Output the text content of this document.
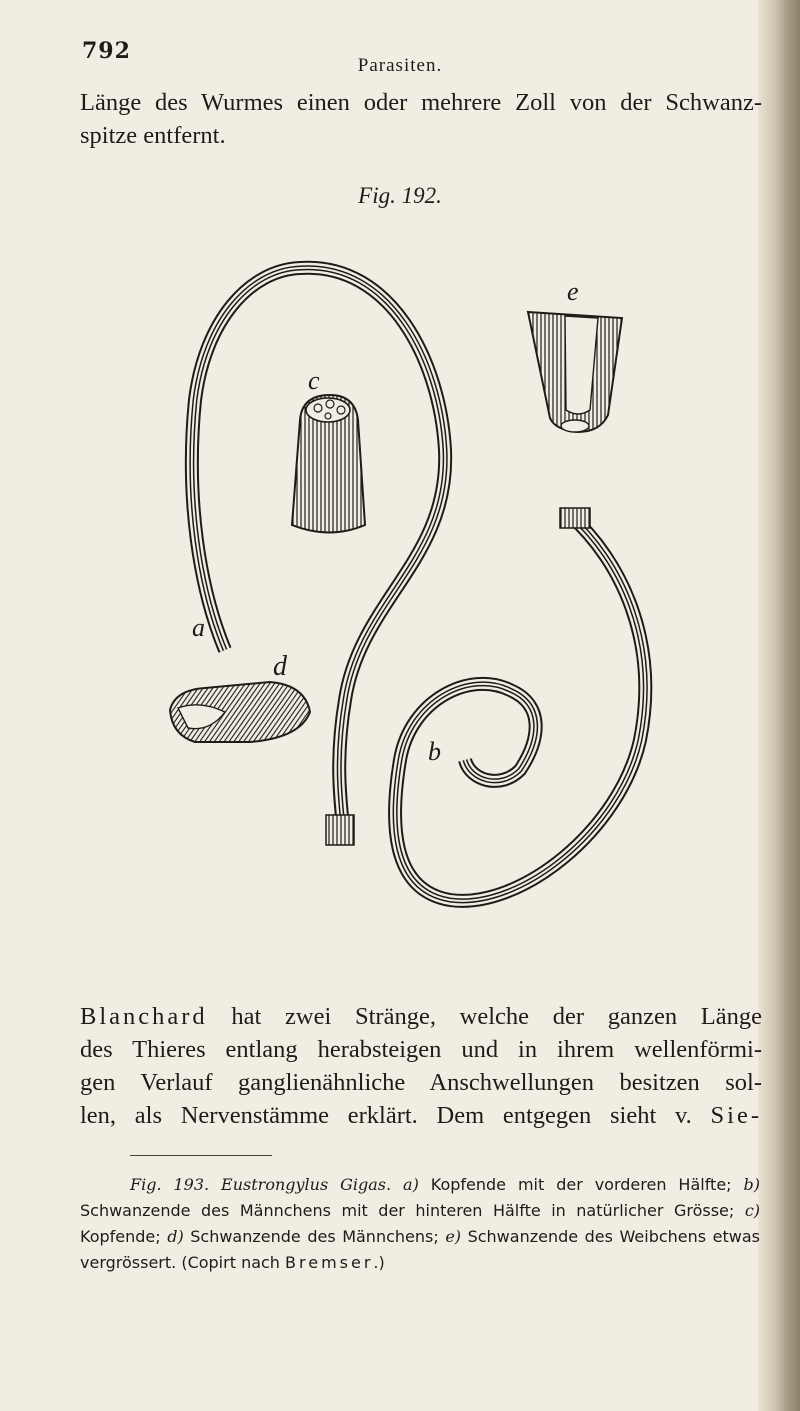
792
Parasiten.
Länge des Wurmes einen oder mehrere Zoll von der Schwanz-
spitze entfernt.
Fig. 192.
a
b
c
d
e
Blanchard hat zwei Stränge, welche der ganzen Länge
des Thieres entlang herabsteigen und in ihrem wellenförmi-
gen Verlauf ganglienähnliche Anschwellungen besitzen sol-
len, als Nervenstämme erklärt. Dem entgegen sieht v. Sie-
Fig. 193. Eustrongylus Gigas. a) Kopfende mit der vorderen Hälfte; b) Schwanzende des Männchens mit der hinteren Hälfte in natürlicher Grösse; c) Kopfende; d) Schwanzende des Männchens; e) Schwanzende des Weibchens etwas vergrössert. (Copirt nach Bremser.)
